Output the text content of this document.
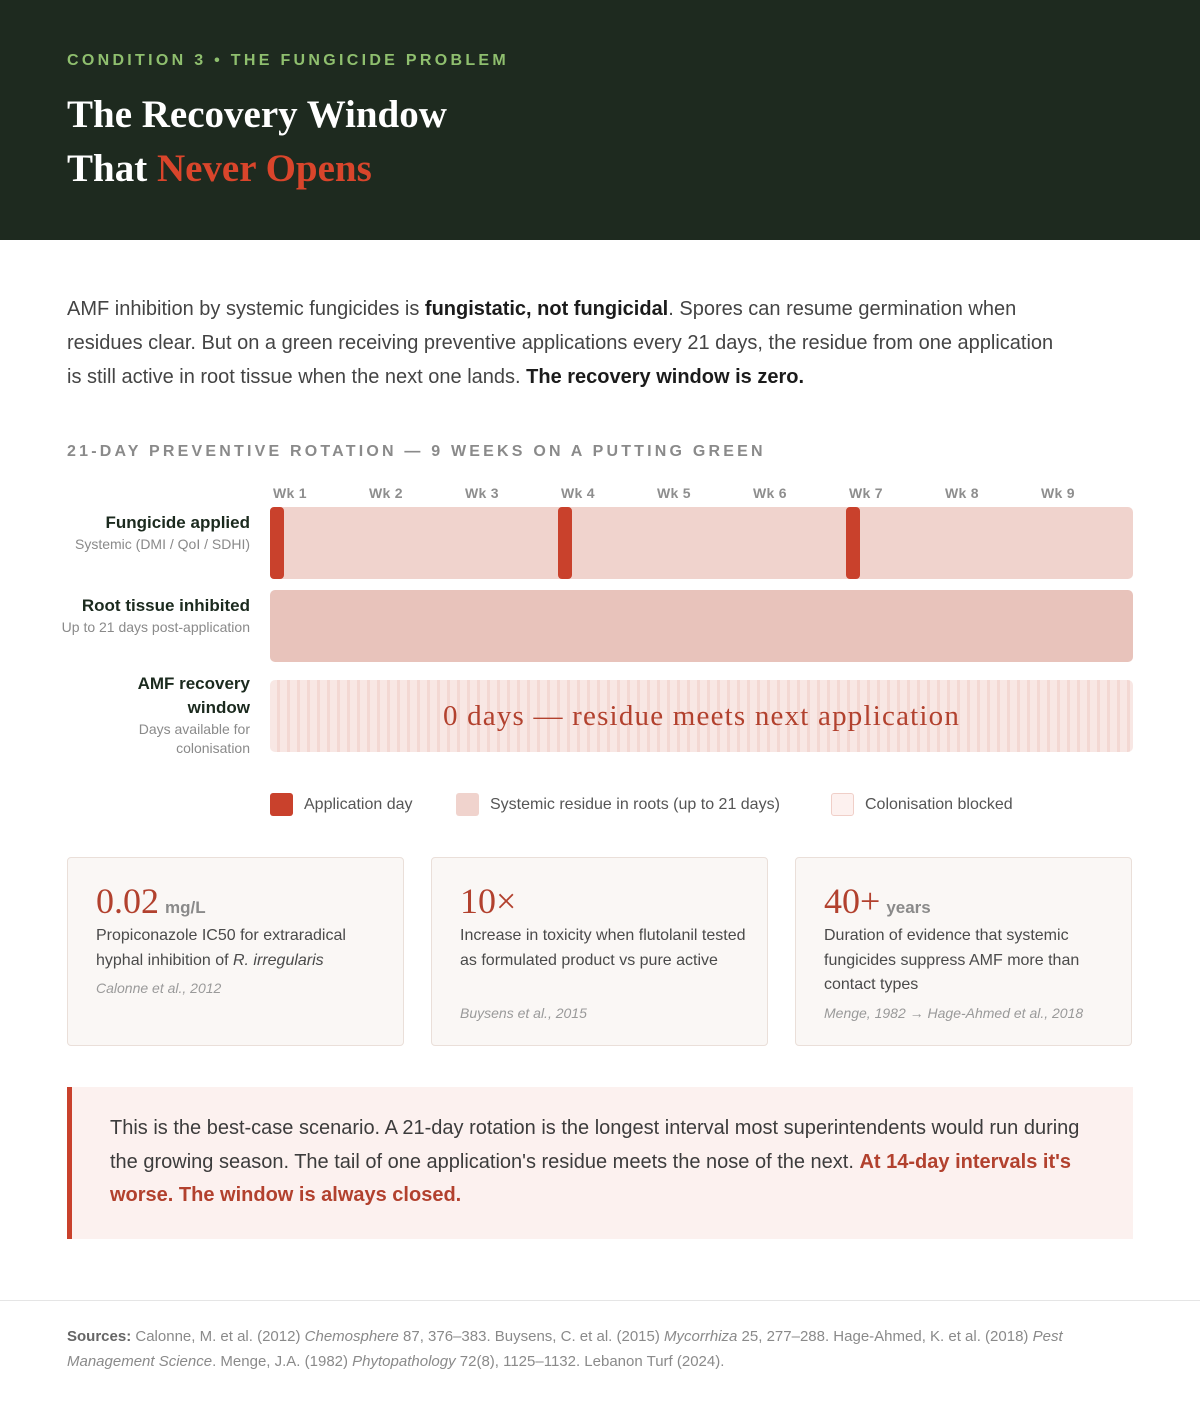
CONDITION 3 • THE FUNGICIDE PROBLEM
The Recovery Window
That Never Opens

AMF inhibition by systemic fungicides is fungistatic, not fungicidal. Spores can resume germination when residues clear. But on a green receiving preventive applications every 21 days, the residue from one application is still active in root tissue when the next one lands. The recovery window is zero.

21-DAY PREVENTIVE ROTATION — 9 WEEKS ON A PUTTING GREEN
Wk 1	Wk 2	Wk 3	Wk 4	Wk 5	Wk 6	Wk 7	Wk 8	Wk 9
Fungicide applied
Systemic (DMI / QoI / SDHI)
Root tissue inhibited
Up to 21 days post-application
AMF recovery window
Days available for colonisation
0 days — residue meets next application
Application day	Systemic residue in roots (up to 21 days)	Colonisation blocked
0.02 mg/L
Propiconazole IC50 for extraradical hyphal inhibition of R. irregularis
Calonne et al., 2012
10×
Increase in toxicity when flutolanil tested as formulated product vs pure active
Buysens et al., 2015
40+ years
Duration of evidence that systemic fungicides suppress AMF more than contact types
Menge, 1982 → Hage-Ahmed et al., 2018

This is the best-case scenario. A 21-day rotation is the longest interval most superintendents would run during the growing season. The tail of one application's residue meets the nose of the next. At 14-day intervals it's worse. The window is always closed.

Sources: Calonne, M. et al. (2012) Chemosphere 87, 376–383. Buysens, C. et al. (2015) Mycorrhiza 25, 277–288. Hage-Ahmed, K. et al. (2018) Pest Management Science. Menge, J.A. (1982) Phytopathology 72(8), 1125–1132. Lebanon Turf (2024).
